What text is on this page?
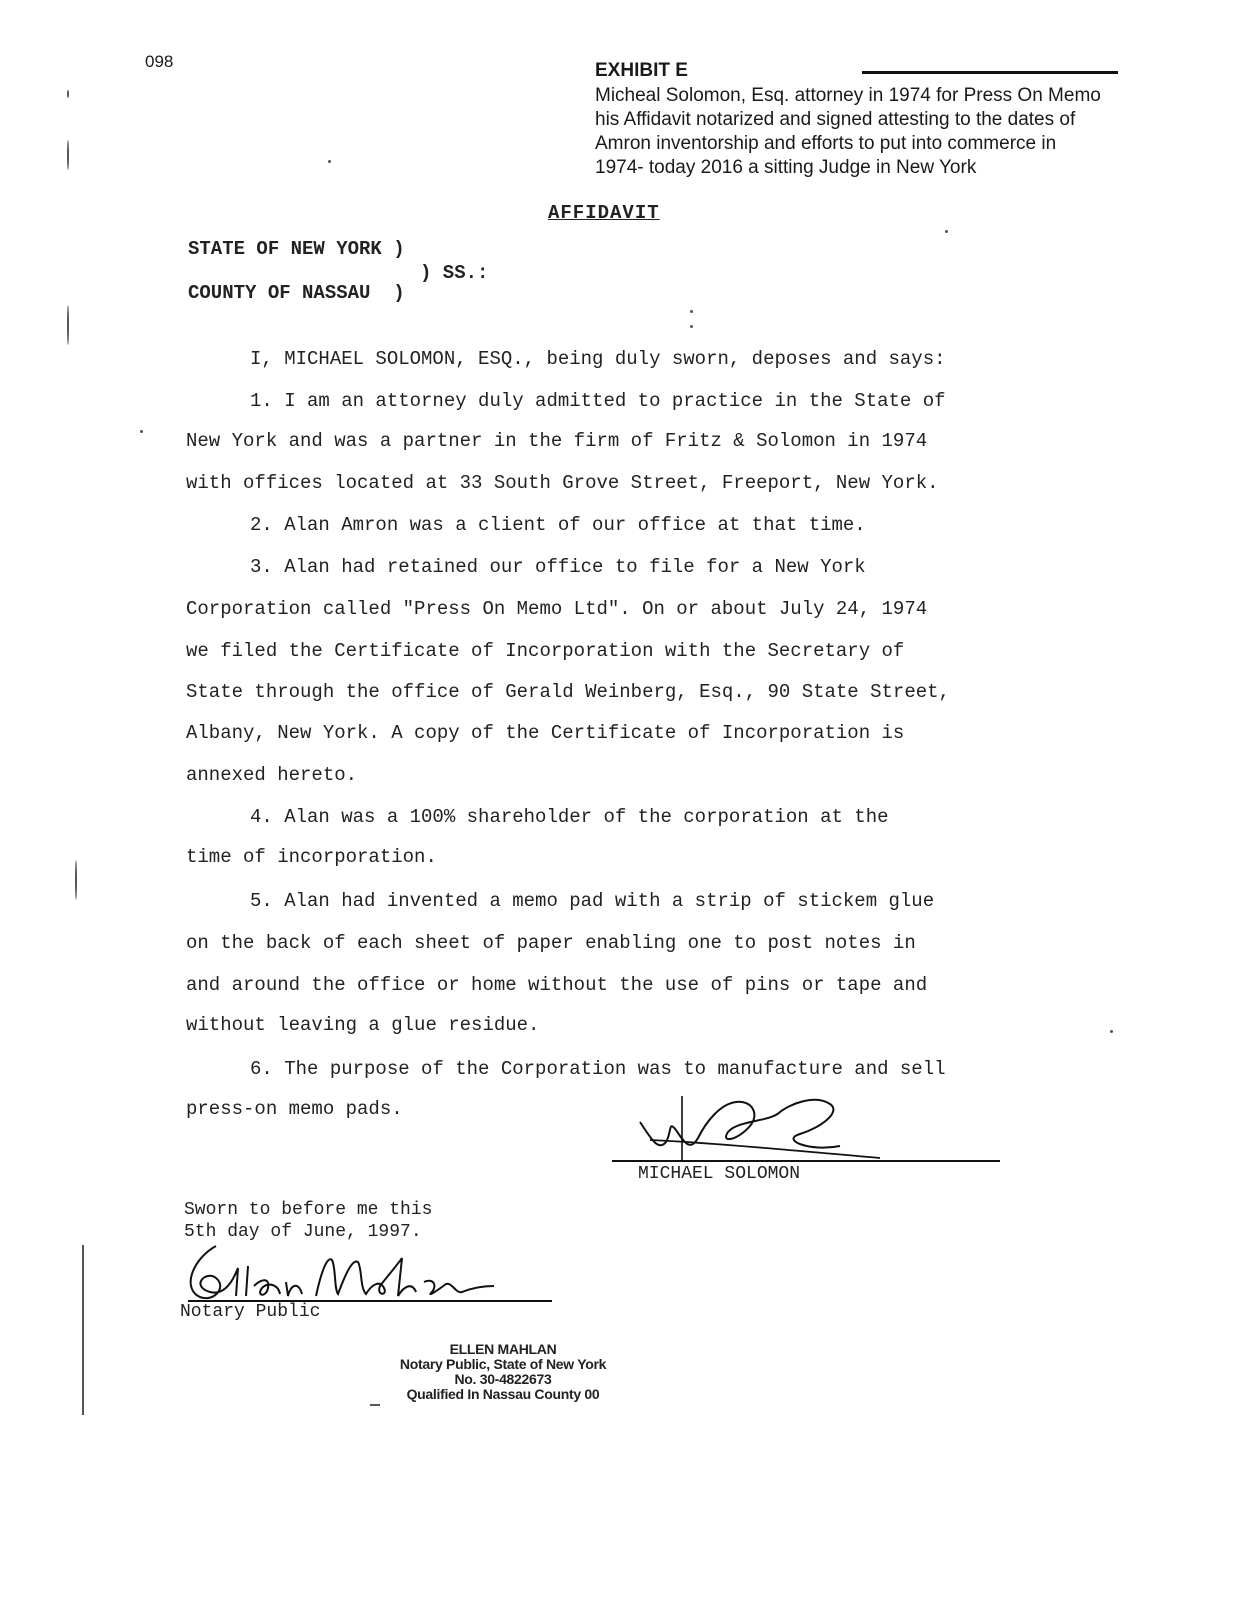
098	EXHIBIT E
Micheal Solomon, Esq. attorney in 1974 for Press On Memo
his Affidavit notarized and signed attesting to the dates of
Amron inventorship and efforts to put into commerce in
1974- today 2016 a sitting Judge in New York
AFFIDAVIT
STATE OF NEW YORK )
) SS.:
COUNTY OF NASSAU  )
I, MICHAEL SOLOMON, ESQ., being duly sworn, deposes and says:
1. I am an attorney duly admitted to practice in the State of
New York and was a partner in the firm of Fritz & Solomon in 1974
with offices located at 33 South Grove Street, Freeport, New York.
2. Alan Amron was a client of our office at that time.
3. Alan had retained our office to file for a New York
Corporation called "Press On Memo Ltd". On or about July 24, 1974
we filed the Certificate of Incorporation with the Secretary of
State through the office of Gerald Weinberg, Esq., 90 State Street,
Albany, New York. A copy of the Certificate of Incorporation is
annexed hereto.
4. Alan was a 100% shareholder of the corporation at the
time of incorporation.
5. Alan had invented a memo pad with a strip of stickem glue
on the back of each sheet of paper enabling one to post notes in
and around the office or home without the use of pins or tape and
without leaving a glue residue.
6. The purpose of the Corporation was to manufacture and sell
press-on memo pads.
MICHAEL SOLOMON
Sworn to before me this
5th day of June, 1997.
Notary Public
ELLEN MAHLAN
Notary Public, State of New York
No. 30-4822673
Qualified In Nassau County 00
